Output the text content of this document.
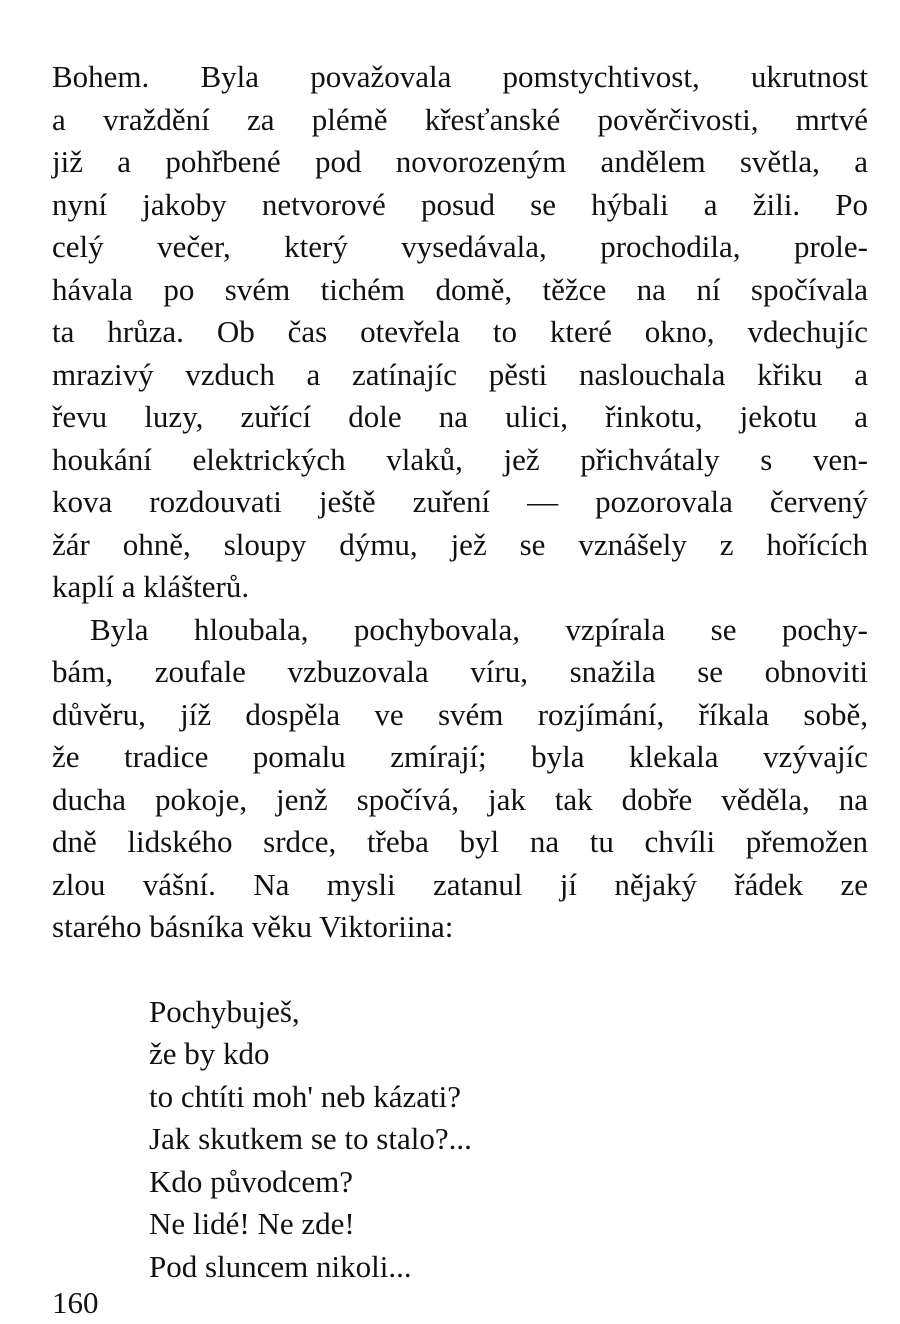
Bohem. Byla považovala pomstychtivost, ukrutnost
a vraždění za plémě křesťanské pověrčivosti, mrtvé
již a pohřbené pod novorozeným andělem světla, a
nyní jakoby netvorové posud se hýbali a žili. Po
celý večer, který vysedávala, prochodila, prole-
hávala po svém tichém domě, těžce na ní spočívala
ta hrůza. Ob čas otevřela to které okno, vdechujíc
mrazivý vzduch a zatínajíc pěsti naslouchala křiku a
řevu luzy, zuřící dole na ulici, řinkotu, jekotu a
houkání elektrických vlaků, jež přichvátaly s ven-
kova rozdouvati ještě zuření — pozorovala červený
žár ohně, sloupy dýmu, jež se vznášely z hořících
kaplí a klášterů.

Byla hloubala, pochybovala, vzpírala se pochy-
bám, zoufale vzbuzovala víru, snažila se obnoviti
důvěru, jíž dospěla ve svém rozjímání, říkala sobě,
že tradice pomalu zmírají; byla klekala vzývajíc
ducha pokoje, jenž spočívá, jak tak dobře věděla, na
dně lidského srdce, třeba byl na tu chvíli přemožen
zlou vášní. Na mysli zatanul jí nějaký řádek ze
starého básníka věku Viktoriina:

Pochybuješ,
že by kdo
to chtíti moh' neb kázati?
Jak skutkem se to stalo?...
Kdo původcem?
Ne lidé! Ne zde!
Pod sluncem nikoli...
160
